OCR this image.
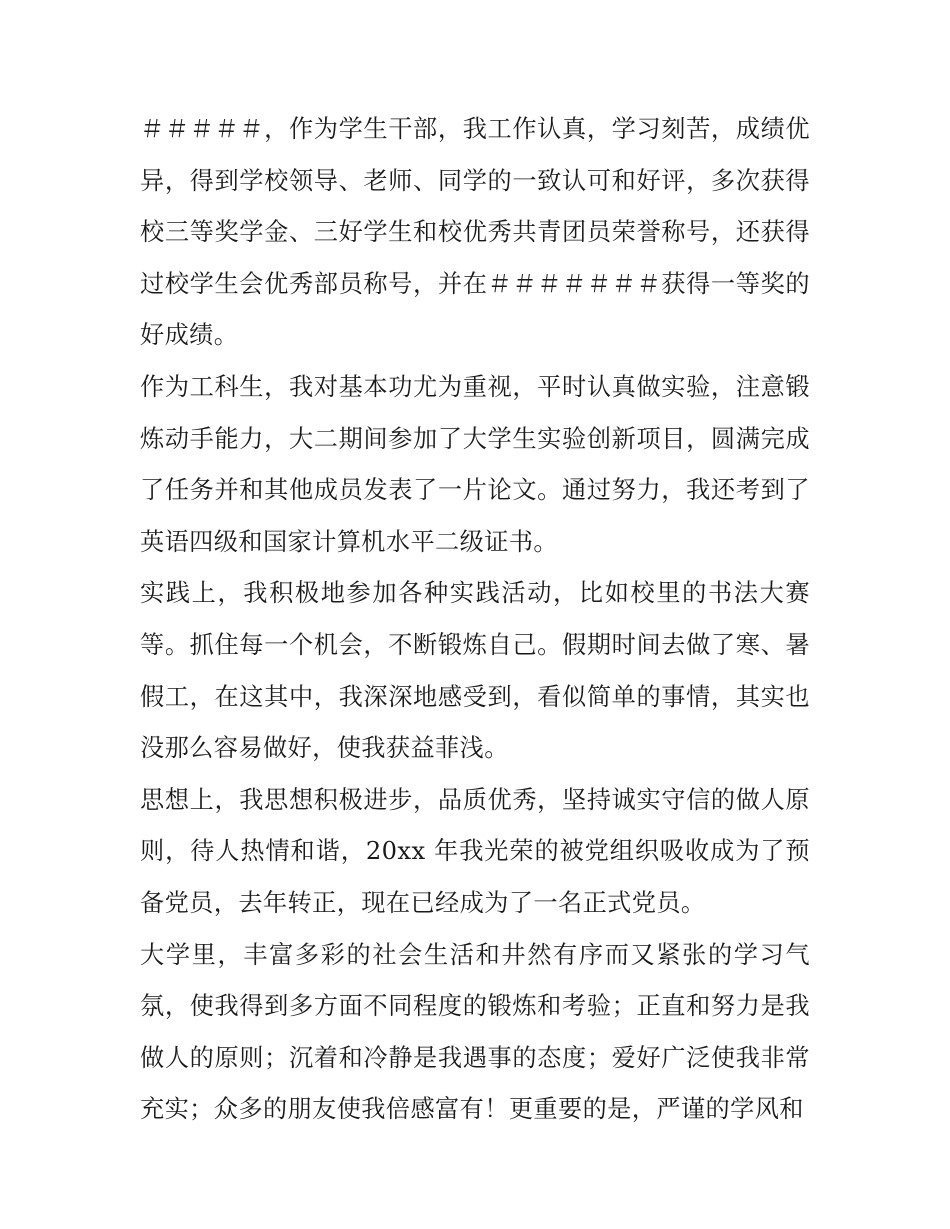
＃＃＃＃＃，作为学生干部，我工作认真，学习刻苦，成绩优异，得到学校领导、老师、同学的一致认可和好评，多次获得校三等奖学金、三好学生和校优秀共青团员荣誉称号，还获得过校学生会优秀部员称号，并在＃＃＃＃＃＃＃获得一等奖的好成绩。

作为工科生，我对基本功尤为重视，平时认真做实验，注意锻炼动手能力，大二期间参加了大学生实验创新项目，圆满完成了任务并和其他成员发表了一片论文。通过努力，我还考到了英语四级和国家计算机水平二级证书。

实践上，我积极地参加各种实践活动，比如校里的书法大赛等。抓住每一个机会，不断锻炼自己。假期时间去做了寒、暑假工，在这其中，我深深地感受到，看似简单的事情，其实也没那么容易做好，使我获益菲浅。

思想上，我思想积极进步，品质优秀，坚持诚实守信的做人原则，待人热情和谐，20xx 年我光荣的被党组织吸收成为了预备党员，去年转正，现在已经成为了一名正式党员。

大学里，丰富多彩的社会生活和井然有序而又紧张的学习气氛，使我得到多方面不同程度的锻炼和考验；正直和努力是我做人的原则；沉着和冷静是我遇事的态度；爱好广泛使我非常充实；众多的朋友使我倍感富有！更重要的是，严谨的学风和
